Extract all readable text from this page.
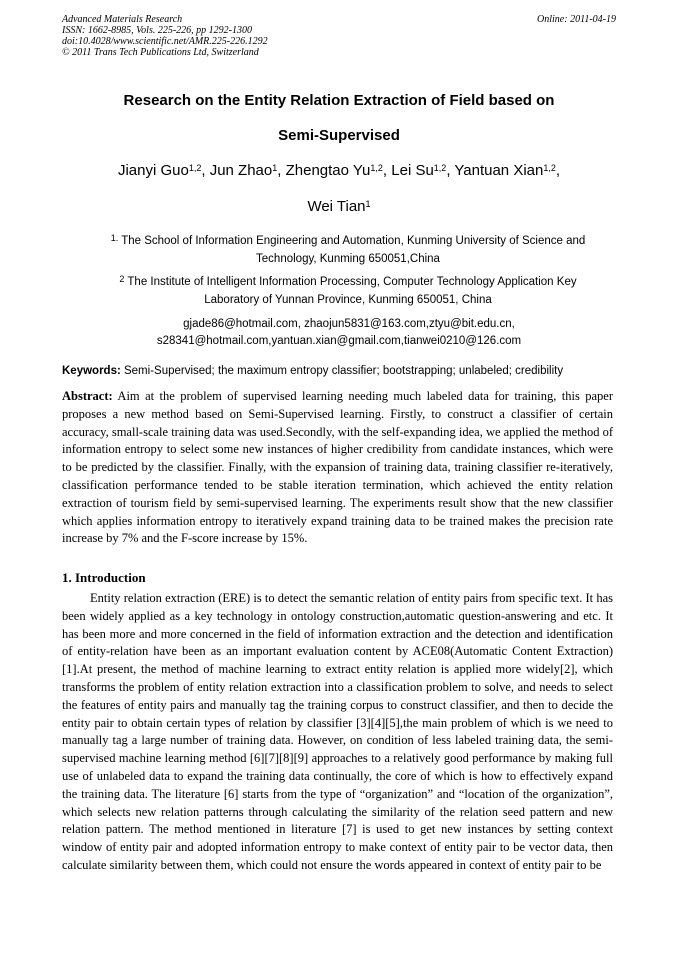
Advanced Materials Research	Online: 2011-04-19
ISSN: 1662-8985, Vols. 225-226, pp 1292-1300
doi:10.4028/www.scientific.net/AMR.225-226.1292
© 2011 Trans Tech Publications Ltd, Switzerland
Research on the Entity Relation Extraction of Field based on
Semi-Supervised
Jianyi Guo$^{1,2}$, Jun Zhao$^1$, Zhengtao Yu$^{1,2}$, Lei Su$^{1,2}$, Yantuan Xian$^{1,2}$,
Wei Tian$^1$
$^{1.}$ The School of Information Engineering and Automation, Kunming University of Science and
Technology, Kunming 650051,China
$^2$ The Institute of Intelligent Information Processing, Computer Technology Application Key
Laboratory of Yunnan Province, Kunming 650051, China
gjade86@hotmail.com, zhaojun5831@163.com,ztyu@bit.edu.cn,
s28341@hotmail.com,yantuan.xian@gmail.com,tianwei0210@126.com
Keywords: Semi-Supervised; the maximum entropy classifier; bootstrapping; unlabeled; credibility
Abstract: Aim at the problem of supervised learning needing much labeled data for training, this paper proposes a new method based on Semi-Supervised learning. Firstly, to construct a classifier of certain accuracy, small-scale training data was used.Secondly, with the self-expanding idea, we applied the method of information entropy to select some new instances of higher credibility from candidate instances, which were to be predicted by the classifier. Finally, with the expansion of training data, training classifier re-iteratively, classification performance tended to be stable iteration termination, which achieved the entity relation extraction of tourism field by semi-supervised learning. The experiments result show that the new classifier which applies information entropy to iteratively expand training data to be trained makes the precision rate increase by 7% and the F-score increase by 15%.
1. Introduction
Entity relation extraction (ERE) is to detect the semantic relation of entity pairs from specific text. It has been widely applied as a key technology in ontology construction,automatic question-answering and etc. It has been more and more concerned in the field of information extraction and the detection and identification of entity-relation have been as an important evaluation content by ACE08(Automatic Content Extraction)[1].At present, the method of machine learning to extract entity relation is applied more widely[2], which transforms the problem of entity relation extraction into a classification problem to solve, and needs to select the features of entity pairs and manually tag the training corpus to construct classifier, and then to decide the entity pair to obtain certain types of relation by classifier [3][4][5],the main problem of which is we need to manually tag a large number of training data. However, on condition of less labeled training data, the semi-supervised machine learning method [6][7][8][9] approaches to a relatively good performance by making full use of unlabeled data to expand the training data continually, the core of which is how to effectively expand the training data. The literature [6] starts from the type of “organization” and “location of the organization”, which selects new relation patterns through calculating the similarity of the relation seed pattern and new relation pattern. The method mentioned in literature [7] is used to get new instances by setting context window of entity pair and adopted information entropy to make context of entity pair to be vector data, then calculate similarity between them, which could not ensure the words appeared in context of entity pair to be
